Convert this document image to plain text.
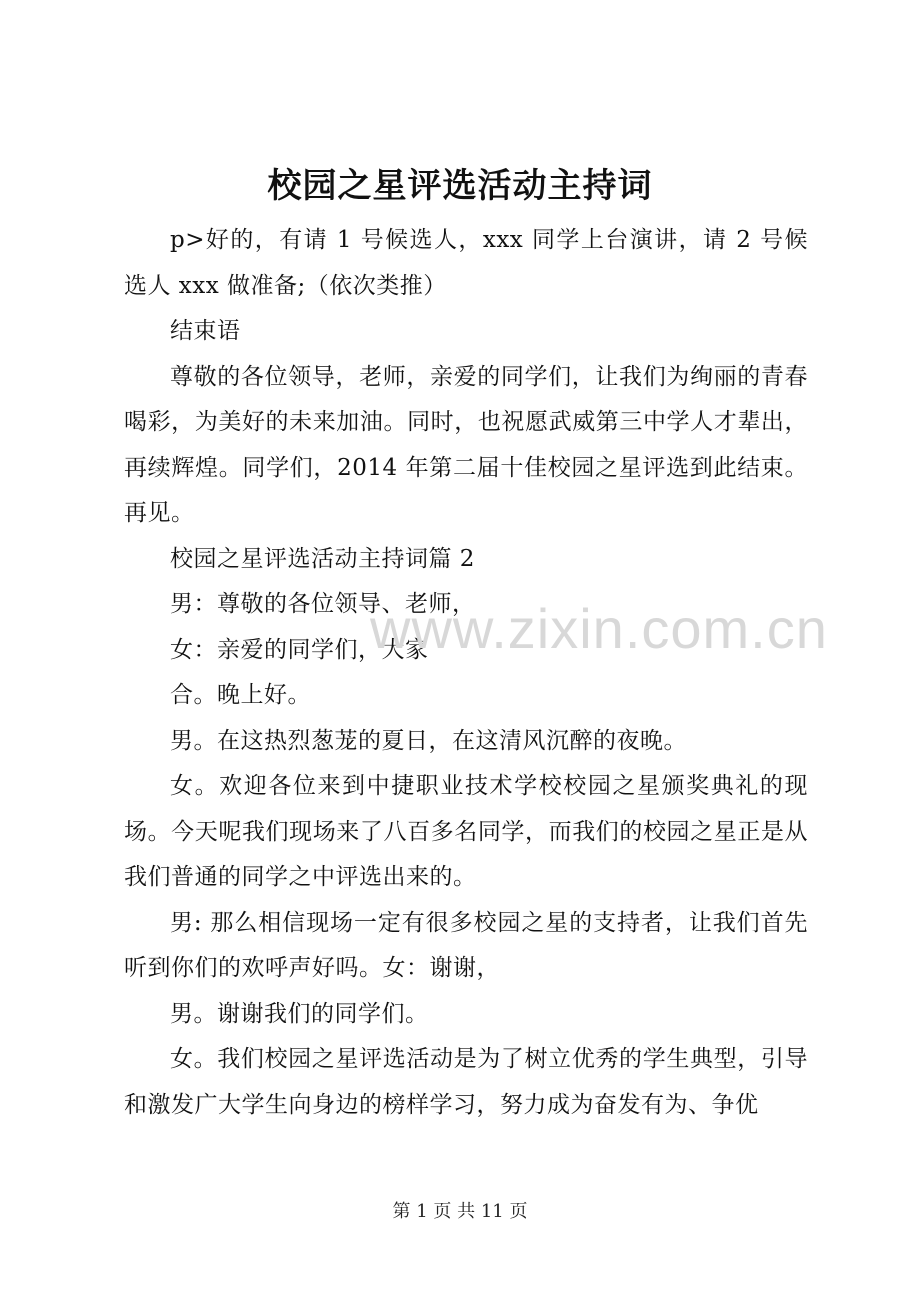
校园之星评选活动主持词

p>好的，有请 1 号候选人，xxx 同学上台演讲，请 2 号候选人 xxx 做准备;（依次类推）

结束语

尊敬的各位领导，老师，亲爱的同学们，让我们为绚丽的青春喝彩，为美好的未来加油。同时，也祝愿武威第三中学人才辈出，再续辉煌。同学们，2014 年第二届十佳校园之星评选到此结束。再见。

校园之星评选活动主持词篇 2

男：尊敬的各位领导、老师，

女：亲爱的同学们，大家

合。晚上好。

男。在这热烈葱茏的夏日，在这清风沉醉的夜晚。

女。欢迎各位来到中捷职业技术学校校园之星颁奖典礼的现场。今天呢我们现场来了八百多名同学，而我们的校园之星正是从我们普通的同学之中评选出来的。

男: 那么相信现场一定有很多校园之星的支持者，让我们首先听到你们的欢呼声好吗。女：谢谢，

男。谢谢我们的同学们。

女。我们校园之星评选活动是为了树立优秀的学生典型，引导和激发广大学生向身边的榜样学习，努力成为奋发有为、争优

www.zixin.com.cn
第 1 页 共 11 页
